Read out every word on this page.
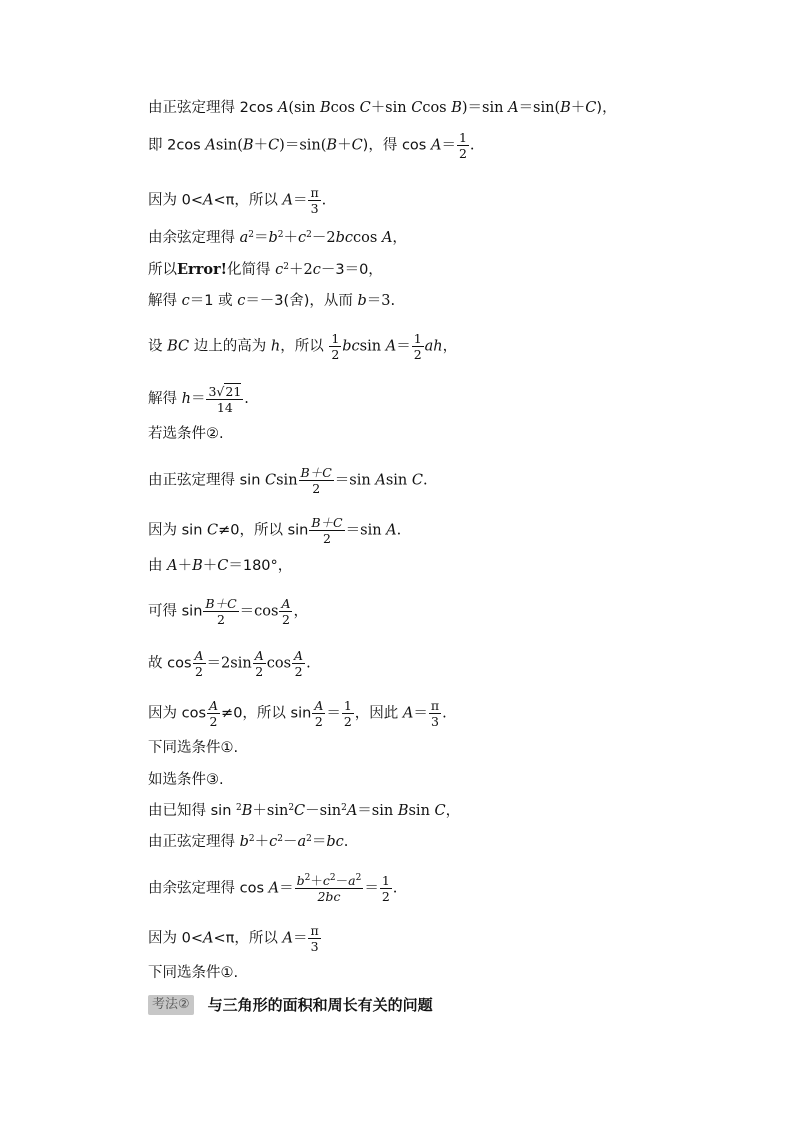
由正弦定理得 2cos A(sin Bcos C＋sin Ccos B)＝sin A＝sin(B＋C)，
即 2cos Asin(B＋C)＝sin(B＋C)，得 $\cos A= \frac{1}{2}$ .
因为 0<A<π，所以 $A= \frac{\pi}{3}$ .
由余弦定理得 $a^2=b^2+c^2-2bccos$ A，
所以Error!化简得 $c^2+2c-3=0$，
解得 c＝1 或 c＝－3(舍)，从而 b＝3.
设 BC 边上的高为 h，所以 $\frac{1}{2}$ bcsin $A= \frac{1}{2}$ ah，
解得 $h= \frac{3√21}{14}$ .
若选条件②.
由正弦定理得 sin Csin $\frac{B+C}{2} =\sin$ Asin C.
因为 sin C≠0，所以 $\sin \frac{B+C}{2} =\sin$ A.
由 A＋B＋C＝180°，
可得 $\sin \frac{B+C}{2} =\cos \frac{A}{2}$ ，
故 $\cos \frac{A}{2} =2\sin \frac{A}{2}$ $\cos \frac{A}{2}$ .
因为 $\cos \frac{A}{2} \ne 0$，所以 $\sin \frac{A}{2} = \frac{1}{2}$ ，因此 $A= \frac{\pi}{3}$ .
下同选条件①.
如选条件③.
由已知得 $\sin ^2B+\sin^2C-\sin^2A=\sin$ Bsin C，
由正弦定理得 $b^2+c^2-a^2=bc$.
由余弦定理得 $\cos A= \frac{b^2+c^2-a^2}{2bc} = \frac{1}{2}$ .
因为 0<A<π，所以 $A= \frac{\pi}{3}$
下同选条件①.
考法② 与三角形的面积和周长有关的问题
